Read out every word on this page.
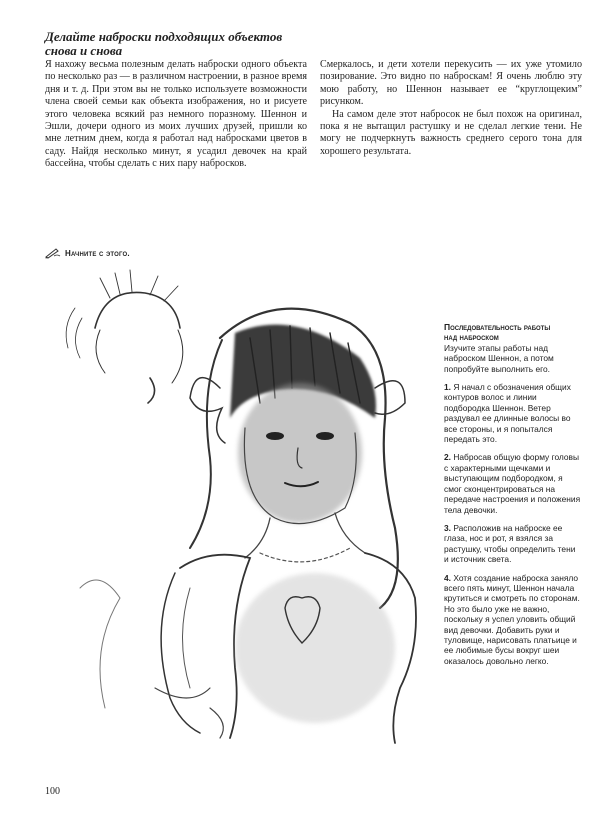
Делайте наброски подходящих объектов снова и снова

Я нахожу весьма полезным делать наброски одного объекта по несколько раз — в различном настроении, в разное время дня и т. д. При этом вы не только используете возможности члена своей семьи как объекта изображения, но и рисуете этого человека всякий раз немного поразному. Шеннон и Эшли, дочери одного из моих лучших друзей, пришли ко мне летним днем, когда я работал над набросками цветов в саду. Найдя несколько минут, я усадил девочек на край бассейна, чтобы сделать с них пару набросков.

Смеркалось, и дети хотели перекусить — их уже утомило позирование. Это видно по наброскам! Я очень люблю эту мою работу, но Шеннон называет ее “круглощеким” рисунком.

На самом деле этот набросок не был похож на оригинал, пока я не вытащил растушку и не сделал легкие тени. Не могу не подчеркнуть важность среднего серого тона для хорошего результата.

Начните с этого.
Последовательность работы
над наброском

Изучите этапы работы над наброском Шеннон, а потом попробуйте выполнить его.

1. Я начал с обозначения общих контуров волос и линии подбородка Шеннон. Ветер раздувал ее длинные волосы во все стороны, и я попытался передать это.

2. Набросав общую форму головы с характерными щечками и выступающим подбородком, я смог сконцентрироваться на передаче настроения и положения тела девочки.

3. Расположив на наброске ее глаза, нос и рот, я взялся за растушку, чтобы определить тени и источник света.

4. Хотя создание наброска заняло всего пять минут, Шеннон начала крутиться и смотреть по сторонам. Но это было уже не важно, поскольку я успел уловить общий вид девочки. Добавить руки и туловище, нарисовать платьице и ее любимые бусы вокруг шеи оказалось довольно легко.

100
